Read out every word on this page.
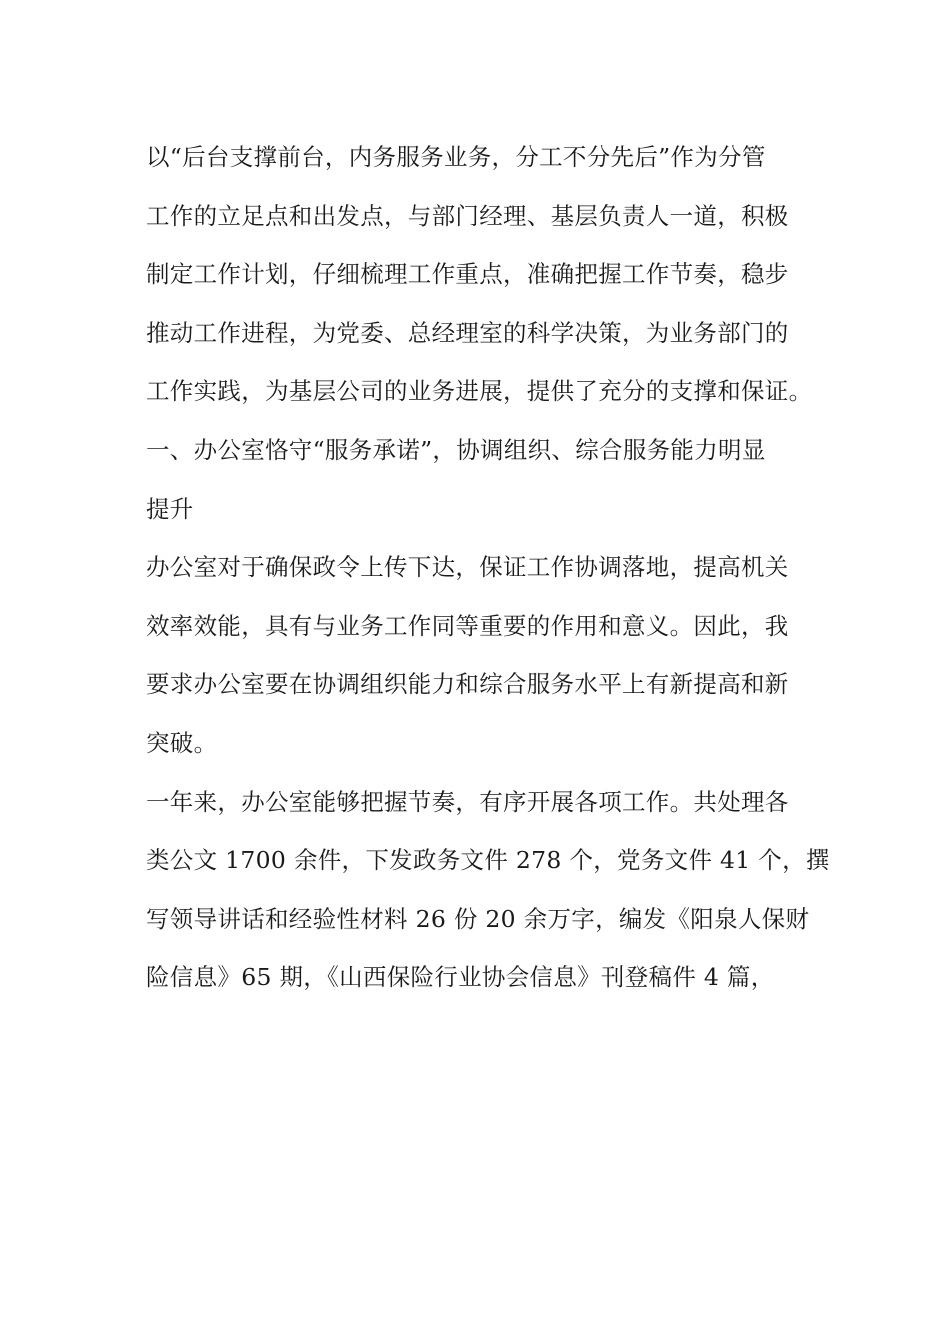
以“后台支撑前台，内务服务业务，分工不分先后”作为分管
工作的立足点和出发点，与部门经理、基层负责人一道，积极
制定工作计划，仔细梳理工作重点，准确把握工作节奏，稳步
推动工作进程，为党委、总经理室的科学决策，为业务部门的
工作实践，为基层公司的业务进展，提供了充分的支撑和保证。
一、办公室恪守“服务承诺”，协调组织、综合服务能力明显
提升
办公室对于确保政令上传下达，保证工作协调落地，提高机关
效率效能，具有与业务工作同等重要的作用和意义。因此，我
要求办公室要在协调组织能力和综合服务水平上有新提高和新
突破。
一年来，办公室能够把握节奏，有序开展各项工作。共处理各
类公文 1700 余件，下发政务文件 278 个，党务文件 41 个，撰
写领导讲话和经验性材料 26 份 20 余万字，编发《阳泉人保财
险信息》65 期，《山西保险行业协会信息》刊登稿件 4 篇，
